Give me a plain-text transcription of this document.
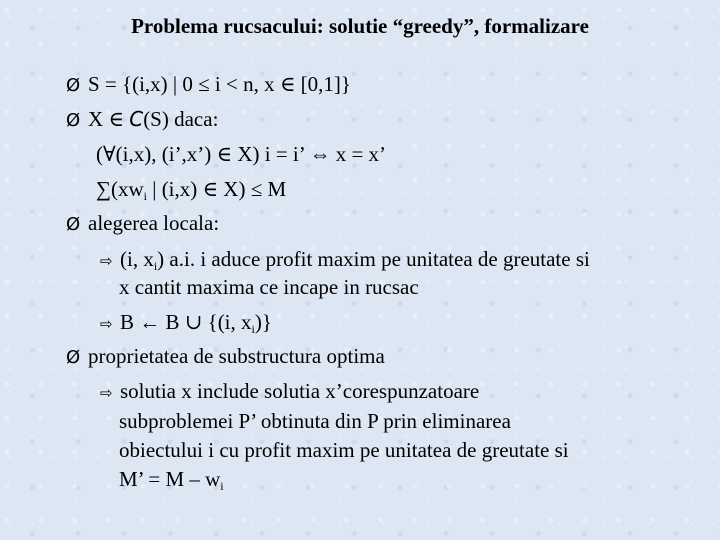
Problema rucsacului: solutie “greedy”, formalizare
Ø S = {(i,x) | 0 ≤ i < n, x ∈ [0,1]}
Ø X ∈ C(S) daca:
(∀(i,x), (i’,x’) ∈ X) i = i’ ⇔ x = x’
$\sum(xw_i$ | (i,x) ∈ X) ≤ M
Ø alegerea locala:
⇨ (i, $x_i$) a.i. i aduce profit maxim pe unitatea de greutate si
x cantit maxima ce incape in rucsac
⇨ B ← B ∪ {(i, $x_i$)}
Ø proprietatea de substructura optima
⇨ solutia x include solutia x’corespunzatoare
subproblemei P’ obtinuta din P prin eliminarea
obiectului i cu profit maxim pe unitatea de greutate si
M’ = M – $w_i$
